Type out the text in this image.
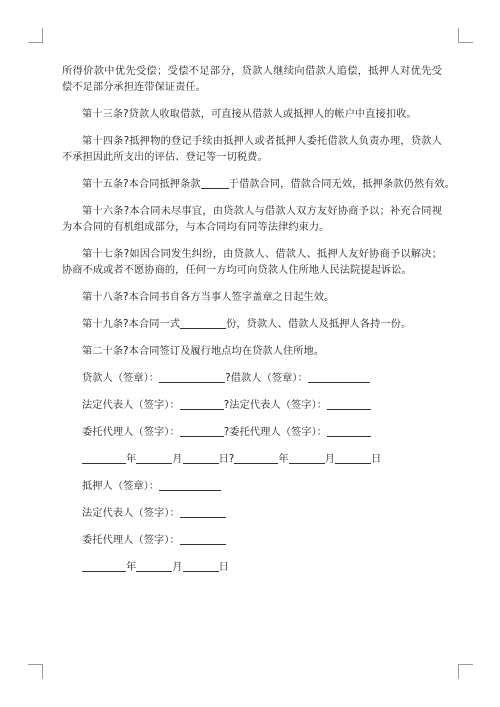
所得价款中优先受偿；受偿不足部分，贷款人继续向借款人追偿，抵押人对优先受偿不足部分承担连带保证责任。

第十三条?贷款人收取借款，可直接从借款人或抵押人的帐户中直接扣收。

第十四条?抵押物的登记手续由抵押人或者抵押人委托借款人负责办理，贷款人不承担因此所支出的评估、登记等一切税费。

第十五条?本合同抵押条款	于借款合同，借款合同无效，抵押条款仍然有效。

第十六条?本合同未尽事宜，由贷款人与借款人双方友好协商予以；补充合同视为本合同的有机组成部分，与本合同均有同等法律约束力。

第十七条?如因合同发生纠纷，由贷款人、借款人、抵押人友好协商予以解决；协商不成或者不愿协商的，任何一方均可向贷款人住所地人民法院提起诉讼。

第十八条?本合同书自各方当事人签字盖章之日起生效。

第十九条?本合同一式	份，贷款人、借款人及抵押人各持一份。

第二十条?本合同签订及履行地点均在贷款人住所地。

贷款人（签章）：	?借款人（签章）：

法定代表人（签字）：	?法定代表人（签字）：

委托代理人（签字）：	?委托代理人（签字）：

年	月	日?	年	月	日

抵押人（签章）：

法定代表人（签字）：

委托代理人（签字）：

年	月	日
